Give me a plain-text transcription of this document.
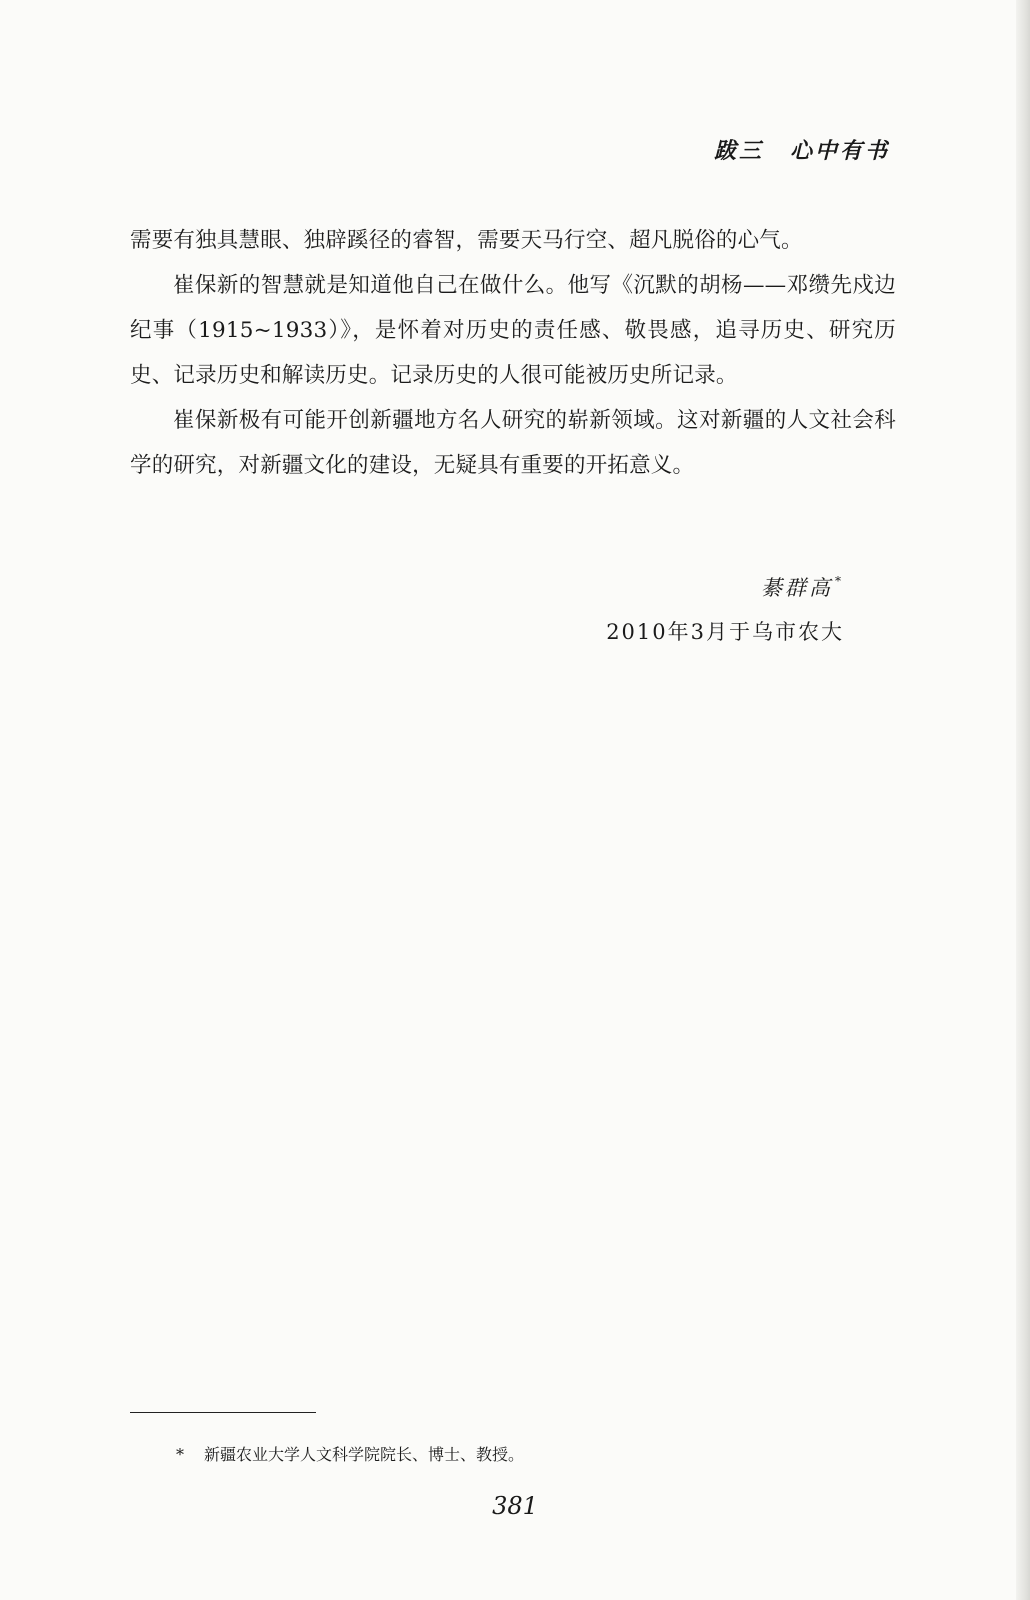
跋三 心中有书

需要有独具慧眼、独辟蹊径的睿智，需要天马行空、超凡脱俗的心气。

崔保新的智慧就是知道他自己在做什么。他写《沉默的胡杨——邓缵先戍边纪事（1915~1933）》，是怀着对历史的责任感、敬畏感，追寻历史、研究历史、记录历史和解读历史。记录历史的人很可能被历史所记录。

崔保新极有可能开创新疆地方名人研究的崭新领域。这对新疆的人文社会科学的研究，对新疆文化的建设，无疑具有重要的开拓意义。

綦群高 *
2010年3月于乌市农大
* 新疆农业大学人文科学院院长、博士、教授。
381
